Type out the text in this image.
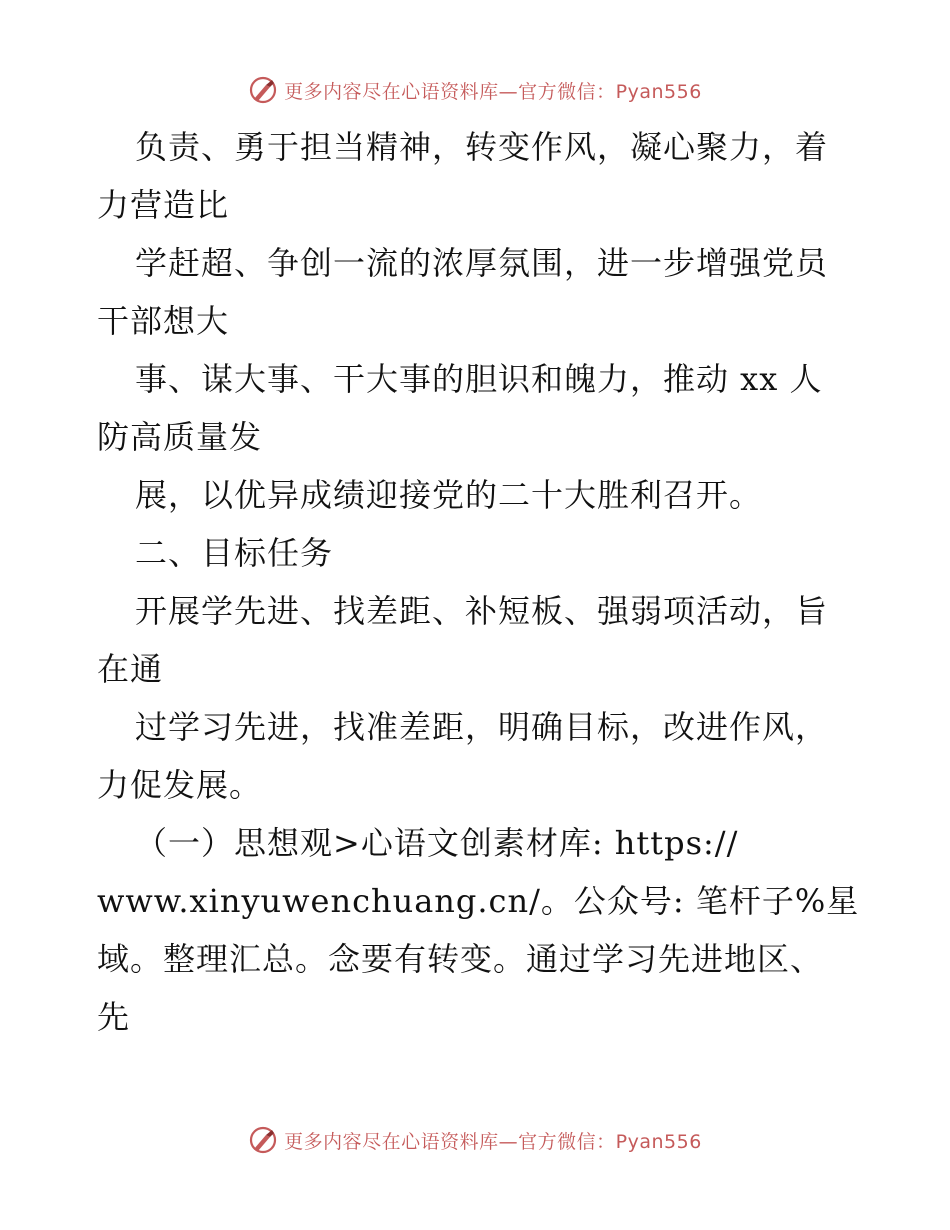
更多内容尽在心语资料库—官方微信：Pyan556
负责、勇于担当精神，转变作风，凝心聚力，着
力营造比
学赶超、争创一流的浓厚氛围，进一步增强党员
干部想大
事、谋大事、干大事的胆识和魄力，推动 xx 人
防高质量发
展，以优异成绩迎接党的二十大胜利召开。
二、目标任务
开展学先进、找差距、补短板、强弱项活动，旨
在通
过学习先进，找准差距，明确目标，改进作风，
力促发展。
（一）思想观>心语文创素材库: https://
www.xinyuwenchuang.cn/。公众号: 笔杆子%星
域。整理汇总。念要有转变。通过学习先进地区、
先
更多内容尽在心语资料库—官方微信：Pyan556
